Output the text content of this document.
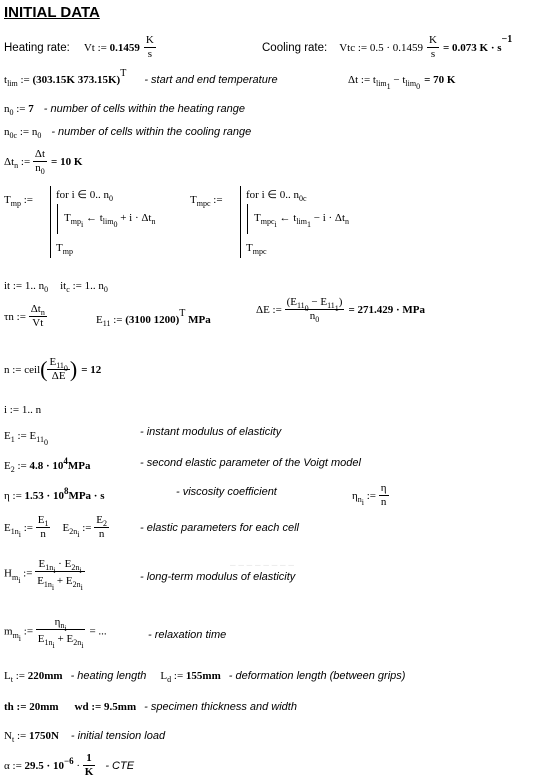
– – – – – – – –
INITIAL DATA
Heating rate: Vt := $0.1459 \frac{K}{s}$	Cooling rate: Vtc := $0.5 \cdot 0.1459 \frac{K}{s} = 0.073$ $K \cdot s^{-1}$
$t_{lim}$ := (303.15K 373.15K)$^T$ - start and end temperature	Δt := $t_{lim_1} - t_{lim_0} = 70$ K
$n_0$ := 7 - number of cells within the heating range
$n_{0c}$ := $n_0$ - number of cells within the cooling range
$\Delta t_n$ := $\frac{\Delta t}{n_0} = 10$ K
$T_{mp}$ := for i ∈ 0.. $n_0$
$T_{mp_i}$ ← $t_{lim_0} + i \cdot \Delta t_n$
$T_{mp}$
$T_{mpc}$ := for i ∈ 0.. $n_{0c}$
$T_{mpc_i}$ ← $t_{lim_1} - i \cdot \Delta t_n$
$T_{mpc}$
it := 1.. $n_0$ $it_c$ := 1.. $n_0$
τn := $\frac{\Delta t_n}{Vt}$	$E_{11}$ := (3100 1200)$^T$ MPa
ΔE := $\frac{(E_{11_0} - E_{11_1})}{n_0} = 271.429$ · MPa
n := ceil( $\frac{E_{11_0}}{\Delta E}$ ) = 12
i := 1.. n
$E_1$ := $E_{11_0}$
- instant modulus of elasticity
$E_2$ := $4.8 \cdot 10^4MPa$	- second elastic parameter of the Voigt model
η := $1.53 \cdot 10^8MPa \cdot s$	- viscosity coefficient	$\eta_{n_i}$ := $\frac{\eta}{n}$
$E_{1n_i}$ := $\frac{E_1}{n} E_{2n_i}$ := $\frac{E_2}{n}$	- elastic parameters for each cell
$H_{m_i}$ := $\frac{E_{1n_i} \cdot E_{2n_i}}{E_{1n_i} + E_{2n_i}}$	- long-term modulus of elasticity
$m_{m_i}$ := $\frac{\eta_{n_i}}{E_{1n_i} + E_{2n_i}}$ = ...	- relaxation time
$L_t$ := 220mm - heating length $L_d$ := 155mm - deformation length (between grips)
th := 20mm wd := 9.5mm - specimen thickness and width
$N_t$ := 1750N - initial tension load
α := $29.5 \cdot 10^{-6} \cdot \frac{1}{K}$ - CTE
